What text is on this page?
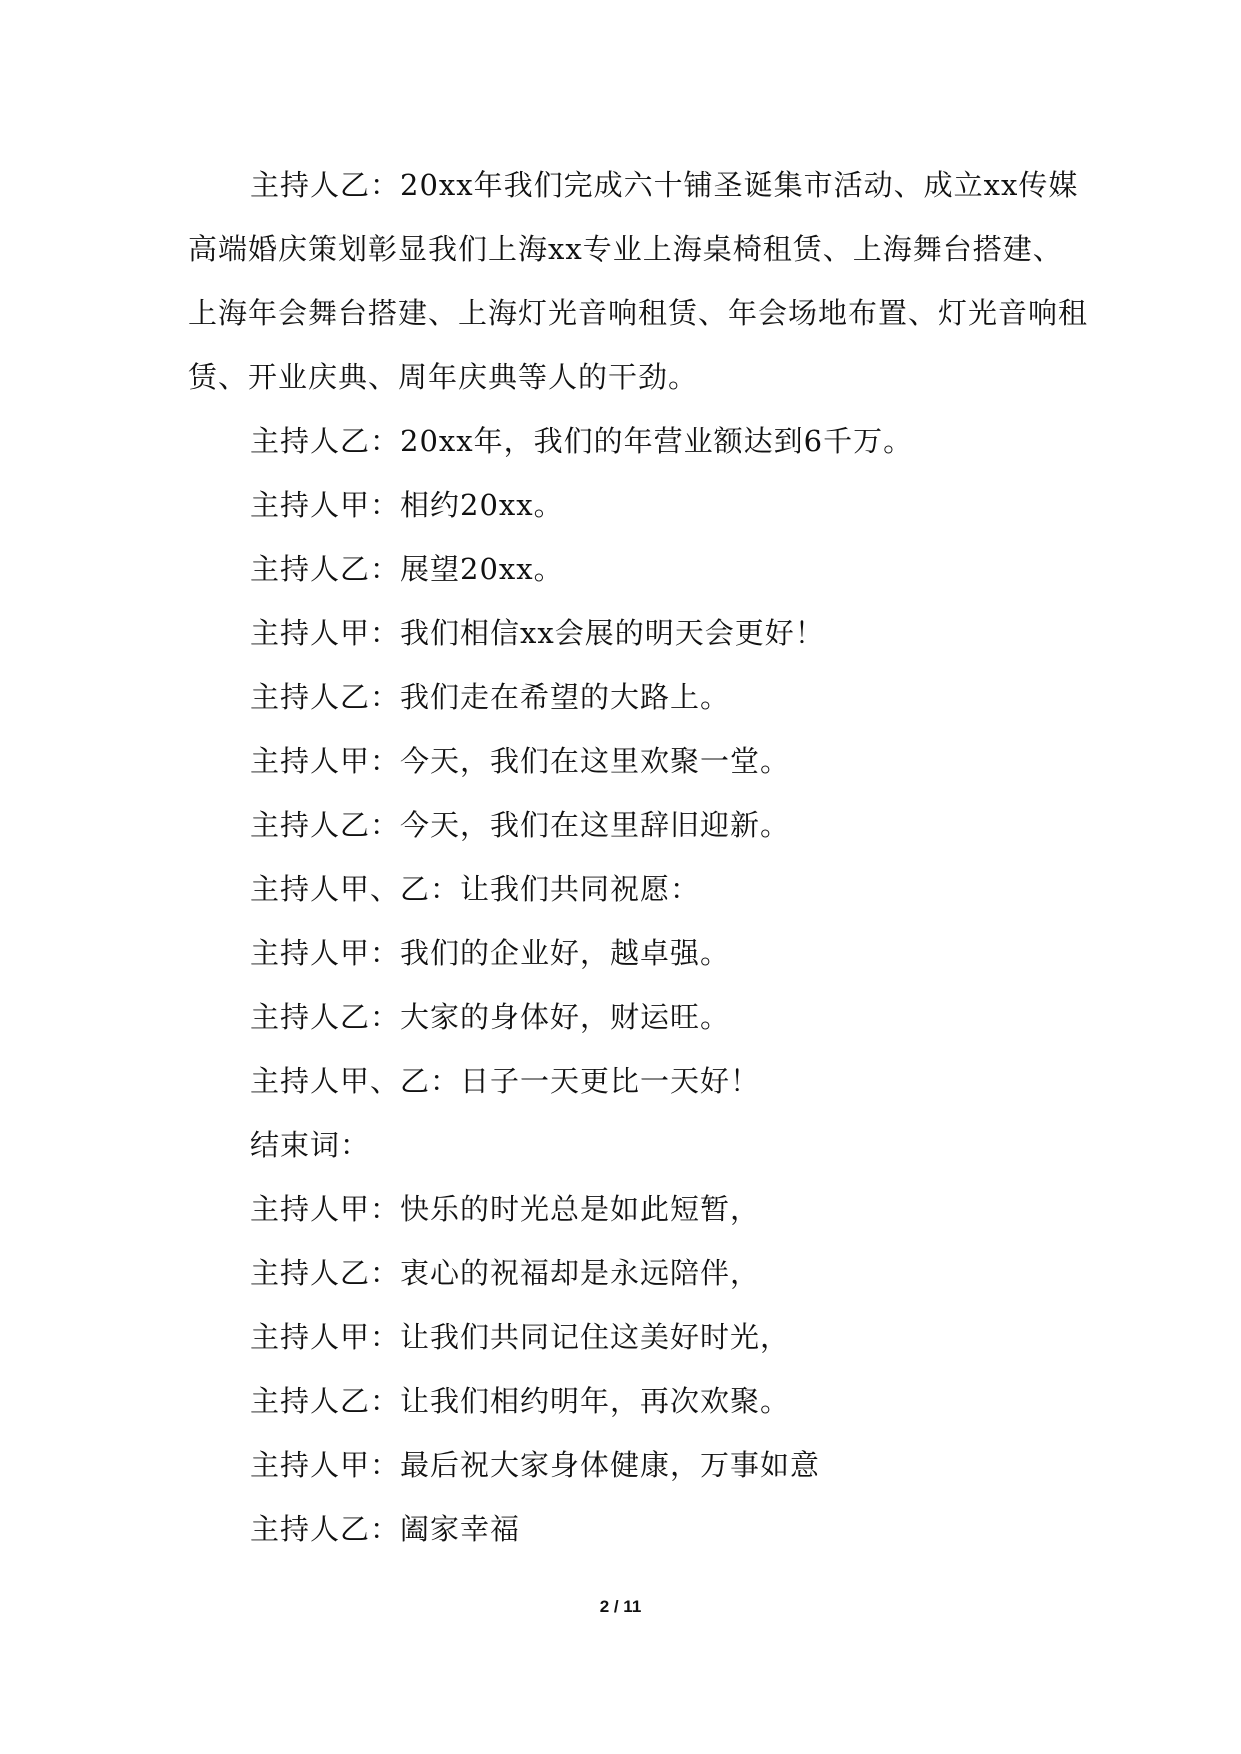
主持人乙：20xx年我们完成六十铺圣诞集市活动、成立xx传媒高端婚庆策划彰显我们上海xx专业上海桌椅租赁、上海舞台搭建、上海年会舞台搭建、上海灯光音响租赁、年会场地布置、灯光音响租赁、开业庆典、周年庆典等人的干劲。

主持人乙：20xx年，我们的年营业额达到6千万。

主持人甲：相约20xx。

主持人乙：展望20xx。

主持人甲：我们相信xx会展的明天会更好！

主持人乙：我们走在希望的大路上。

主持人甲：今天，我们在这里欢聚一堂。

主持人乙：今天，我们在这里辞旧迎新。

主持人甲、乙：让我们共同祝愿：

主持人甲：我们的企业好，越卓强。

主持人乙：大家的身体好，财运旺。

主持人甲、乙：日子一天更比一天好！

结束词：

主持人甲：快乐的时光总是如此短暂，

主持人乙：衷心的祝福却是永远陪伴，

主持人甲：让我们共同记住这美好时光，

主持人乙：让我们相约明年，再次欢聚。

主持人甲：最后祝大家身体健康，万事如意

主持人乙：阖家幸福

2 / 11
